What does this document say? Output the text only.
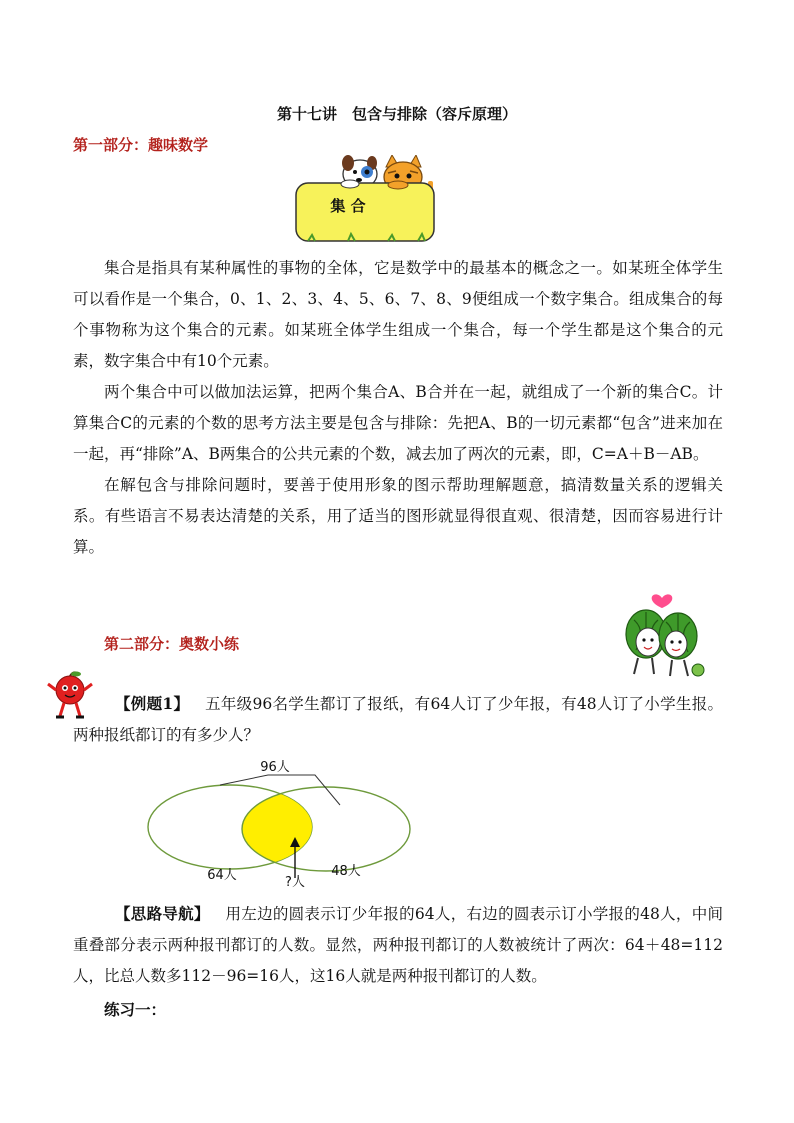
第十七讲　包含与排除（容斥原理）
第一部分：趣味数学
集 合

集合是指具有某种属性的事物的全体，它是数学中的最基本的概念之一。如某班全体学生可以看作是一个集合，0、1、2、3、4、5、6、7、8、9便组成一个数字集合。组成集合的每个事物称为这个集合的元素。如某班全体学生组成一个集合，每一个学生都是这个集合的元素，数字集合中有10个元素。

两个集合中可以做加法运算，把两个集合A、B合并在一起，就组成了一个新的集合C。计算集合C的元素的个数的思考方法主要是包含与排除：先把A、B的一切元素都“包含”进来加在一起，再“排除”A、B两集合的公共元素的个数，减去加了两次的元素，即，C=A＋B－AB。

在解包含与排除问题时，要善于使用形象的图示帮助理解题意，搞清数量关系的逻辑关系。有些语言不易表达清楚的关系，用了适当的图形就显得很直观、很清楚，因而容易进行计算。

第二部分：奥数小练

【例题1】  五年级96名学生都订了报纸，有64人订了少年报，有48人订了小学生报。两种报纸都订的有多少人？

96人
64人	?人
48人

【思路导航】  用左边的圆表示订少年报的64人，右边的圆表示订小学报的48人，中间重叠部分表示两种报刊都订的人数。显然，两种报刊都订的人数被统计了两次：64＋48=112人，比总人数多112－96=16人，这16人就是两种报刊都订的人数。

练习一：
